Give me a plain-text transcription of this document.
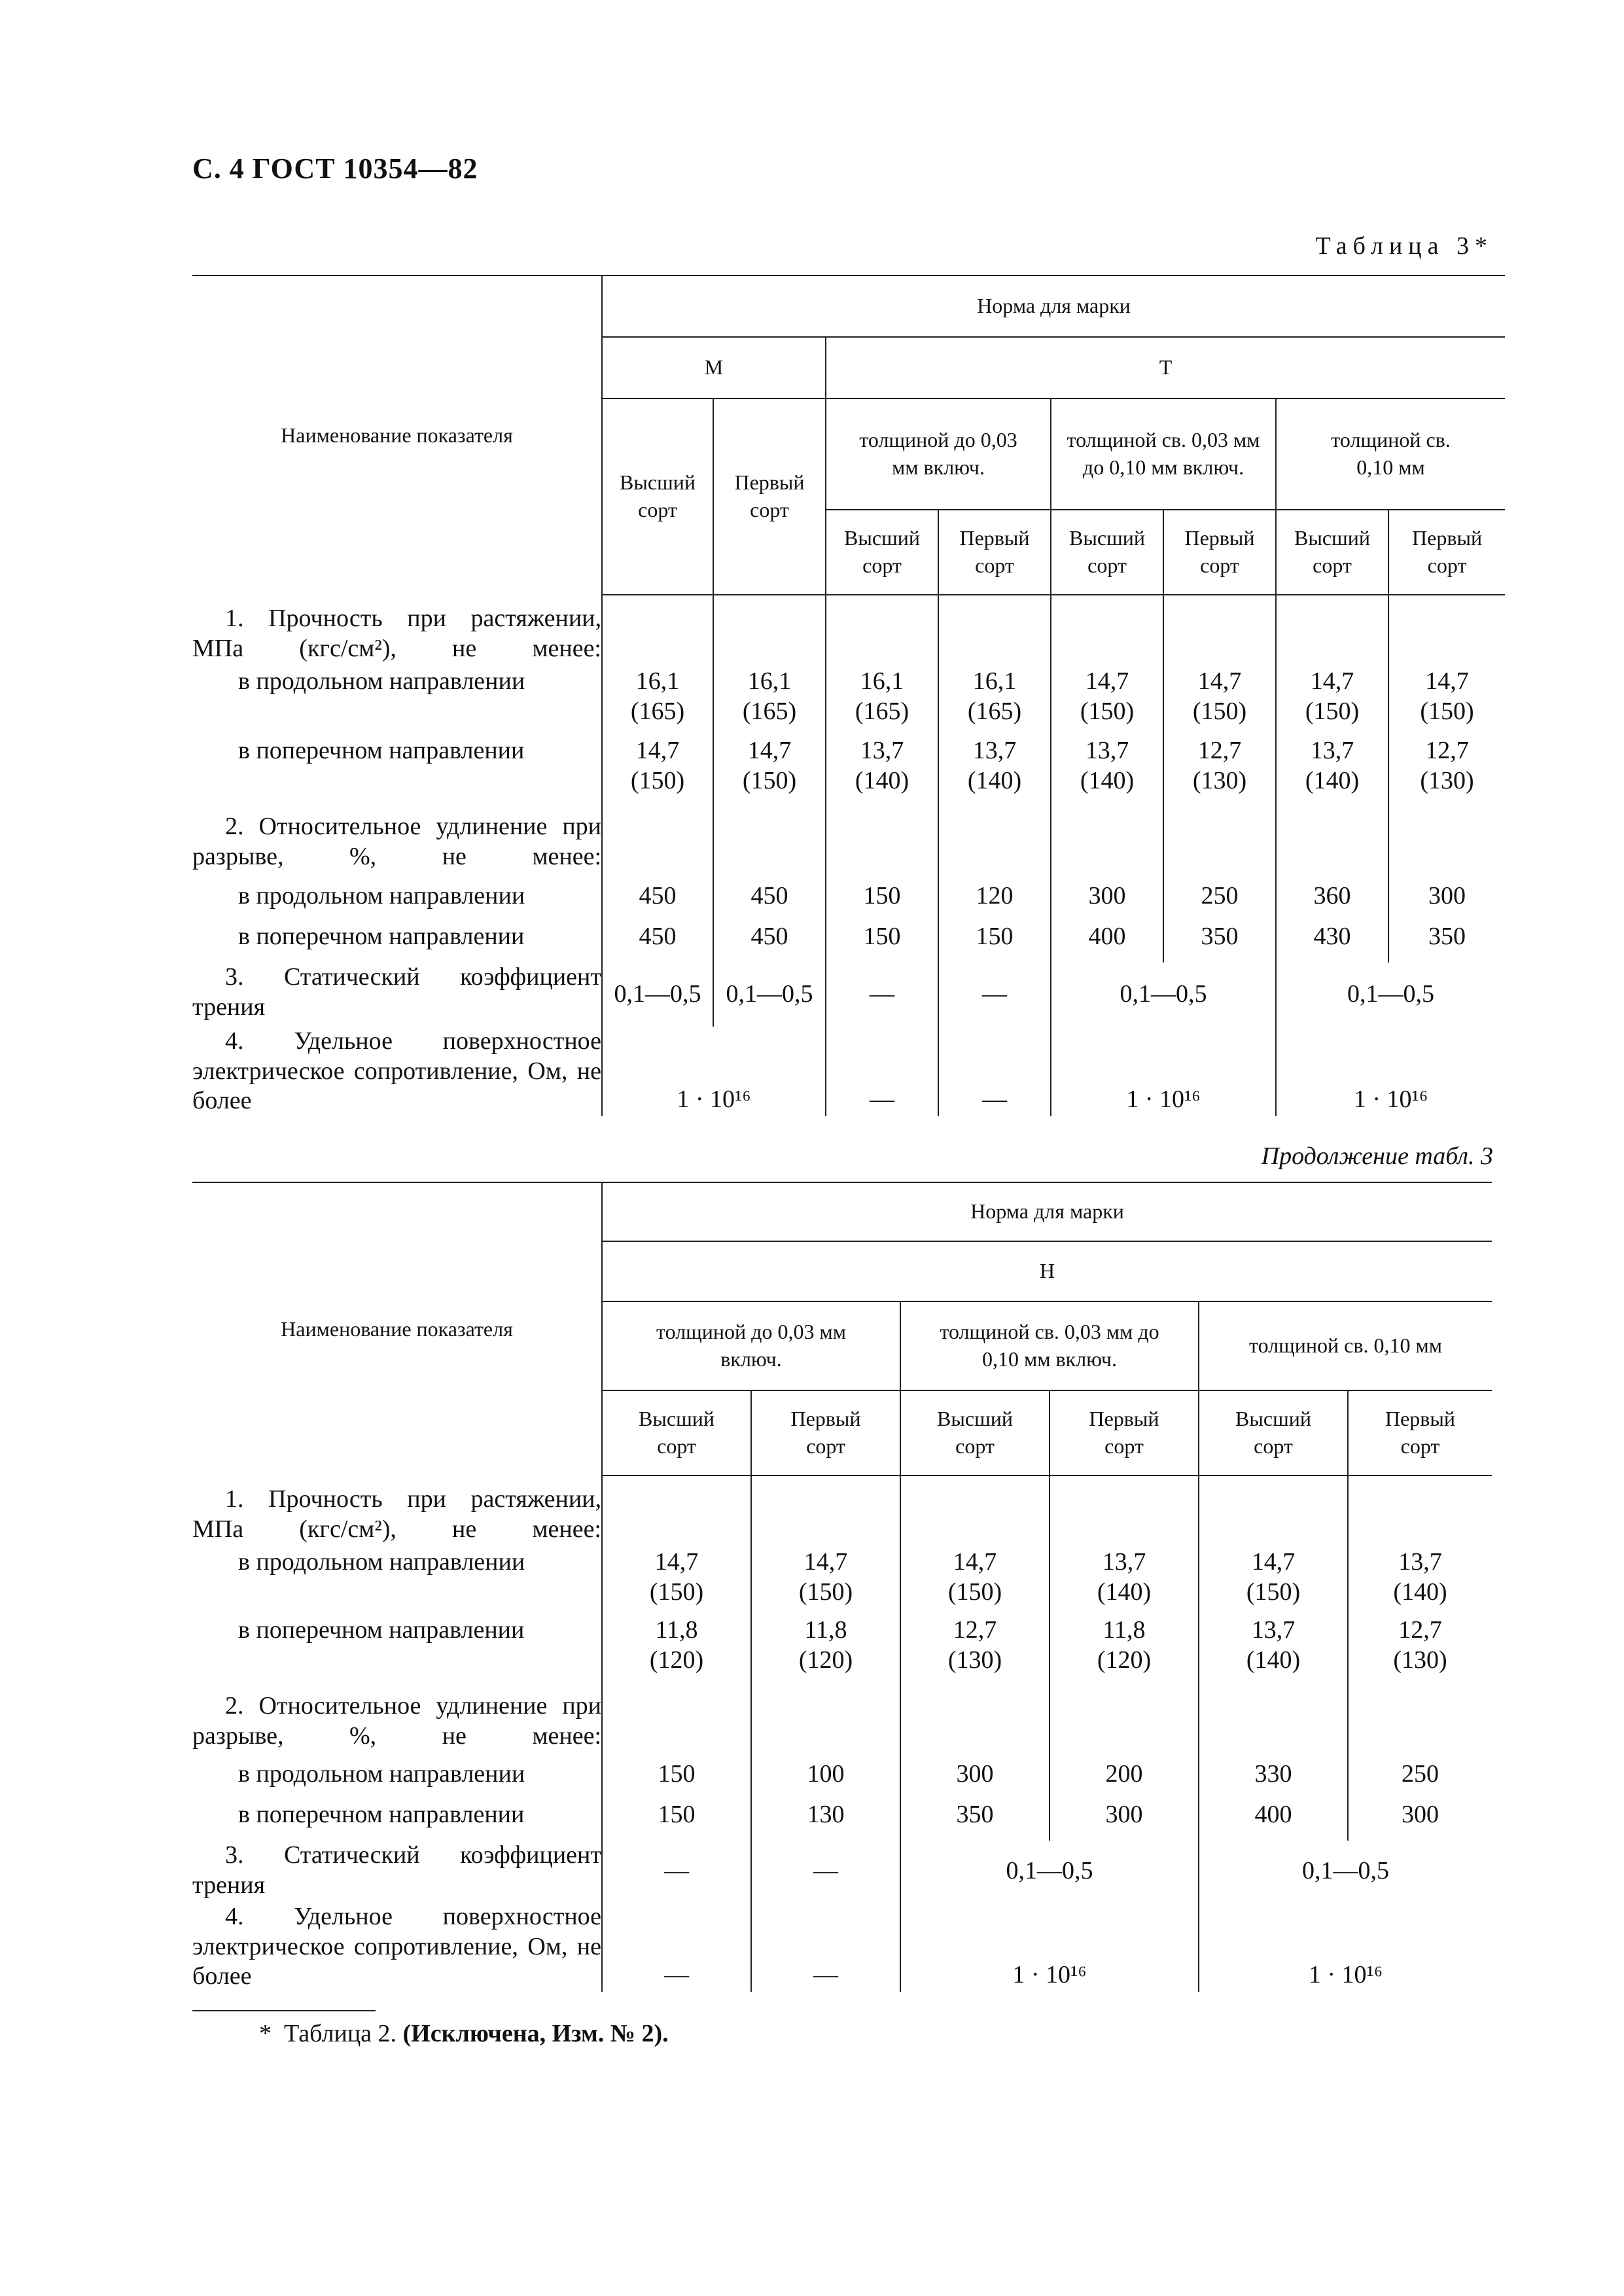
С. 4 ГОСТ 10354—82
Таблица 3*
Наименование показателя	Норма для марки							
	М		Т					
	Высший сорт	Первый сорт	толщиной до 0,03 мм включ.		толщиной св. 0,03 мм до 0,10 мм включ.		толщиной св. 0,10 мм	
			Высший сорт	Первый сорт	Высший сорт	Первый сорт	Высший сорт	Первый сорт
1. Прочность при растяжении, МПа (кгс/см²), не менее:								
в продольном направлении	16,1 (165)	16,1 (165)	16,1 (165)	16,1 (165)	14,7 (150)	14,7 (150)	14,7 (150)	14,7 (150)
в поперечном направлении	14,7 (150)	14,7 (150)	13,7 (140)	13,7 (140)	13,7 (140)	12,7 (130)	13,7 (140)	12,7 (130)
2. Относительное удлинение при разрыве, %, не менее:								
в продольном направлении	450	450	150	120	300	250	360	300
в поперечном направлении	450	450	150	150	400	350	430	350
3. Статический коэффициент трения	0,1—0,5	0,1—0,5	—	—	0,1—0,5		0,1—0,5	
4. Удельное поверхностное электрическое сопротивление, Ом, не более	1 · 10¹⁶		—	—	1 · 10¹⁶		1 · 10¹⁶	
Продолжение табл. 3
Наименование показателя	Норма для марки					
	Н					
	толщиной до 0,03 мм включ.		толщиной св. 0,03 мм до 0,10 мм включ.		толщиной св. 0,10 мм	
	Высший сорт	Первый сорт	Высший сорт	Первый сорт	Высший сорт	Первый сорт
1. Прочность при растяжении, МПа (кгс/см²), не менее:						
в продольном направлении	14,7 (150)	14,7 (150)	14,7 (150)	13,7 (140)	14,7 (150)	13,7 (140)
в поперечном направлении	11,8 (120)	11,8 (120)	12,7 (130)	11,8 (120)	13,7 (140)	12,7 (130)
2. Относительное удлинение при разрыве, %, не менее:						
в продольном направлении	150	100	300	200	330	250
в поперечном направлении	150	130	350	300	400	300
3. Статический коэффициент трения	—	—	0,1—0,5		0,1—0,5	
4. Удельное поверхностное электрическое сопротивление, Ом, не более	—	—	1 · 10¹⁶		1 · 10¹⁶	
* Таблица 2. (Исключена, Изм. № 2).
